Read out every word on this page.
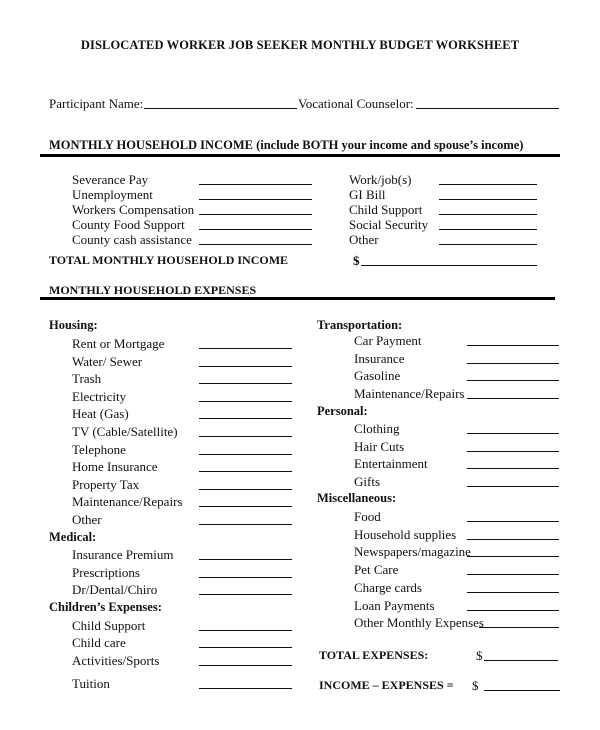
DISLOCATED WORKER JOB SEEKER MONTHLY BUDGET WORKSHEET
Participant Name:	Vocational Counselor:
MONTHLY HOUSEHOLD INCOME (include BOTH your income and spouse’s income)
Severance Pay
Unemployment
Workers Compensation
County Food Support
County cash assistance
Work/job(s)
GI Bill
Child Support
Social Security
Other
TOTAL MONTHLY HOUSEHOLD INCOME	$
MONTHLY HOUSEHOLD EXPENSES
Housing:
Rent or Mortgage
Water/ Sewer
Trash
Electricity
Heat (Gas)
TV (Cable/Satellite)
Telephone
Home Insurance
Property Tax
Maintenance/Repairs
Other
Medical:
Insurance Premium
Prescriptions
Dr/Dental/Chiro
Children’s Expenses:
Child Support
Child care
Activities/Sports
Tuition
Transportation:
Car Payment
Insurance
Gasoline
Maintenance/Repairs
Personal:
Clothing
Hair Cuts
Entertainment
Gifts
Miscellaneous:
Food
Household supplies
Newspapers/magazine
Pet Care
Charge cards
Loan Payments
Other Monthly Expenses
TOTAL EXPENSES:	$
INCOME – EXPENSES = $
